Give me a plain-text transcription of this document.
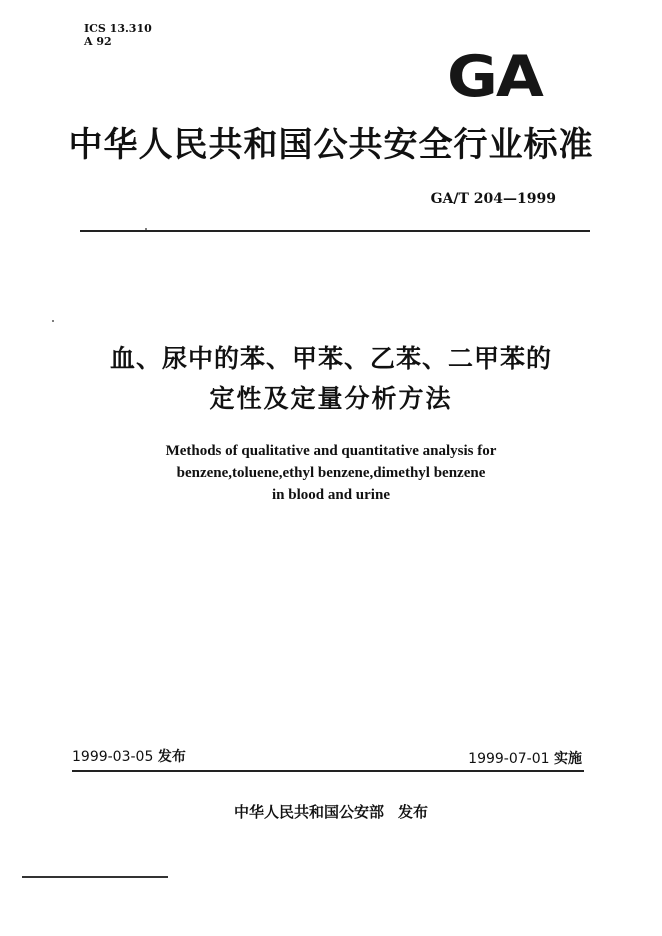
ICS 13.310
A 92
GA
中华人民共和国公共安全行业标准
GA/T 204—1999
血、尿中的苯、甲苯、乙苯、二甲苯的
定性及定量分析方法
Methods of qualitative and quantitative analysis for
benzene,toluene,ethyl benzene,dimethyl benzene
in blood and urine
1999-03-05 发布	1999-07-01 实施
中华人民共和国公安部 发布
